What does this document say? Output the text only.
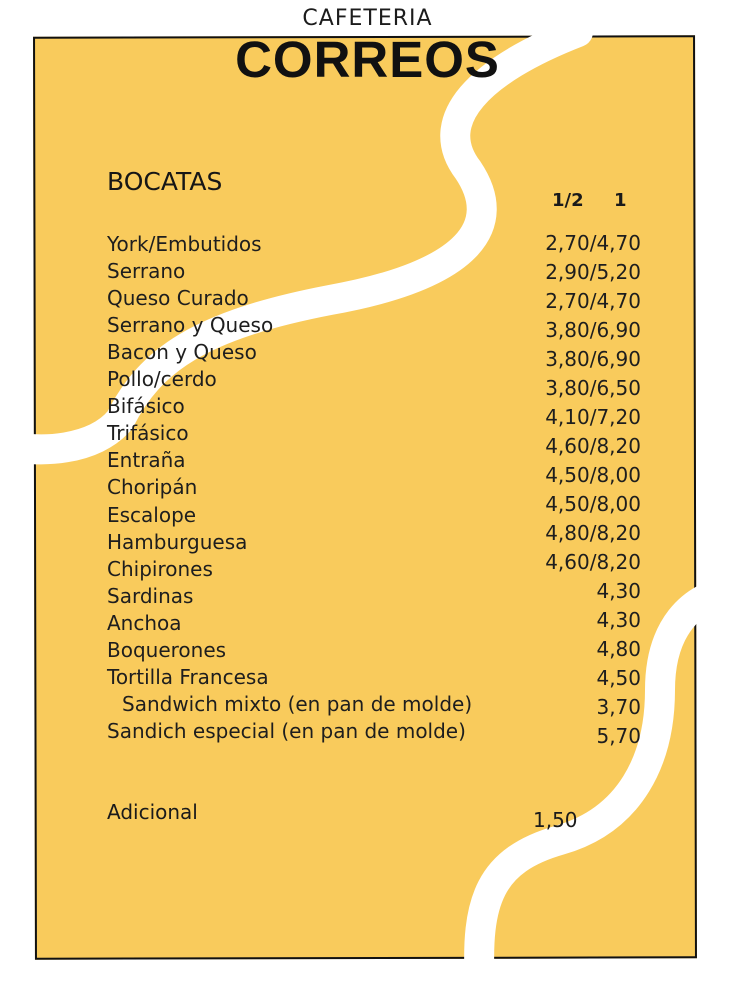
CAFETERIA
CORREOS
BOCATAS
1/2 1
York/Embutidos
Serrano
Queso Curado
Serrano y Queso
Bacon y Queso
Pollo/cerdo
Bifásico
Trifásico
Entraña
Choripán
Escalope
Hamburguesa
Chipirones
Sardinas
Anchoa
Boquerones
Tortilla Francesa
Sandwich mixto (en pan de molde)
Sandich especial (en pan de molde)
2,70/4,70
2,90/5,20
2,70/4,70
3,80/6,90
3,80/6,90
3,80/6,50
4,10/7,20
4,60/8,20
4,50/8,00
4,50/8,00
4,80/8,20
4,60/8,20
4,30
4,30
4,80
4,50
3,70
5,70
Adicional	1,50
